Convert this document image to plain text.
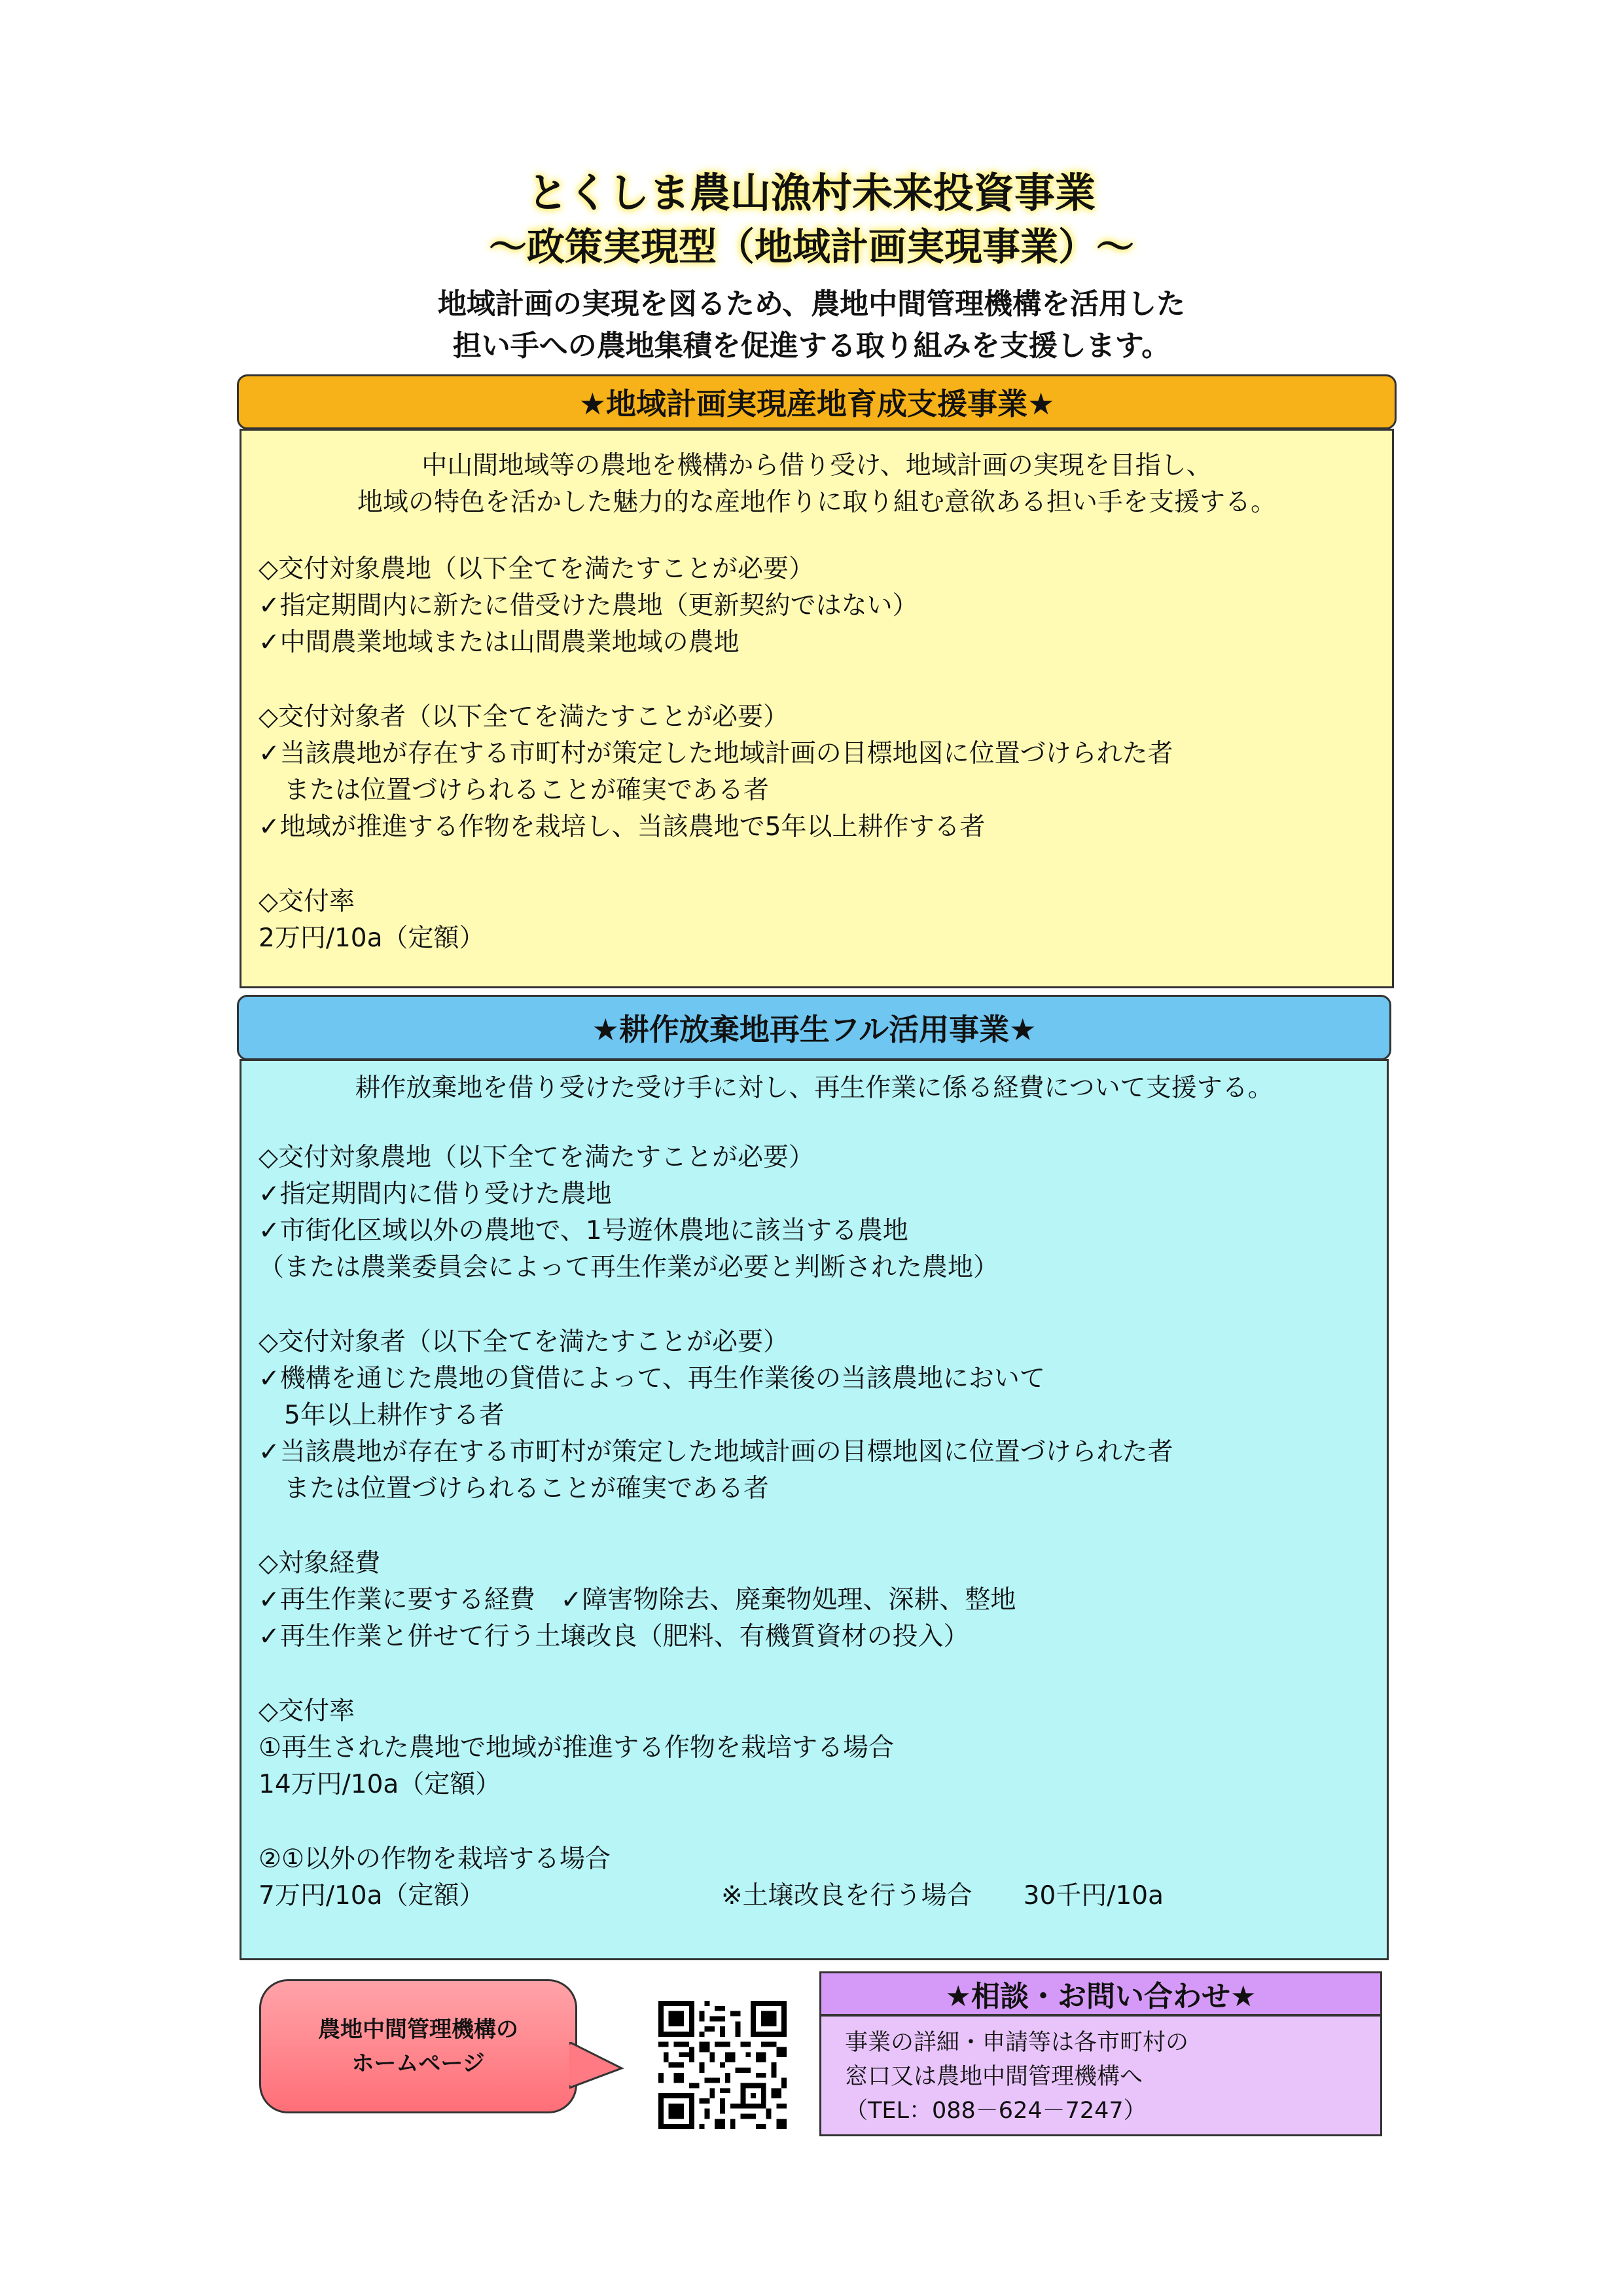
とくしま農山漁村未来投資事業
～政策実現型（地域計画実現事業）～
地域計画の実現を図るため、農地中間管理機構を活用した
担い手への農地集積を促進する取り組みを支援します。
★地域計画実現産地育成支援事業★
中山間地域等の農地を機構から借り受け、地域計画の実現を目指し、
地域の特色を活かした魅力的な産地作りに取り組む意欲ある担い手を支援する。
◇交付対象農地（以下全てを満たすことが必要）
✓指定期間内に新たに借受けた農地（更新契約ではない）
✓中間農業地域または山間農業地域の農地
◇交付対象者（以下全てを満たすことが必要）
✓当該農地が存在する市町村が策定した地域計画の目標地図に位置づけられた者
　または位置づけられることが確実である者
✓地域が推進する作物を栽培し、当該農地で5年以上耕作する者
◇交付率
2万円/10a（定額）
★耕作放棄地再生フル活用事業★
耕作放棄地を借り受けた受け手に対し、再生作業に係る経費について支援する。
◇交付対象農地（以下全てを満たすことが必要）
✓指定期間内に借り受けた農地
✓市街化区域以外の農地で、1号遊休農地に該当する農地
（または農業委員会によって再生作業が必要と判断された農地）
◇交付対象者（以下全てを満たすことが必要）
✓機構を通じた農地の貸借によって、再生作業後の当該農地において
　5年以上耕作する者
✓当該農地が存在する市町村が策定した地域計画の目標地図に位置づけられた者
　または位置づけられることが確実である者
◇対象経費
✓再生作業に要する経費　✓障害物除去、廃棄物処理、深耕、整地
✓再生作業と併せて行う土壌改良（肥料、有機質資材の投入）
◇交付率
①再生された農地で地域が推進する作物を栽培する場合
14万円/10a（定額）
②①以外の作物を栽培する場合
7万円/10a（定額）	※土壌改良を行う場合　　30千円/10a
農地中間管理機構の
ホームページ
★相談・お問い合わせ★
事業の詳細・申請等は各市町村の
窓口又は農地中間管理機構へ
（TEL：088－624－7247）
